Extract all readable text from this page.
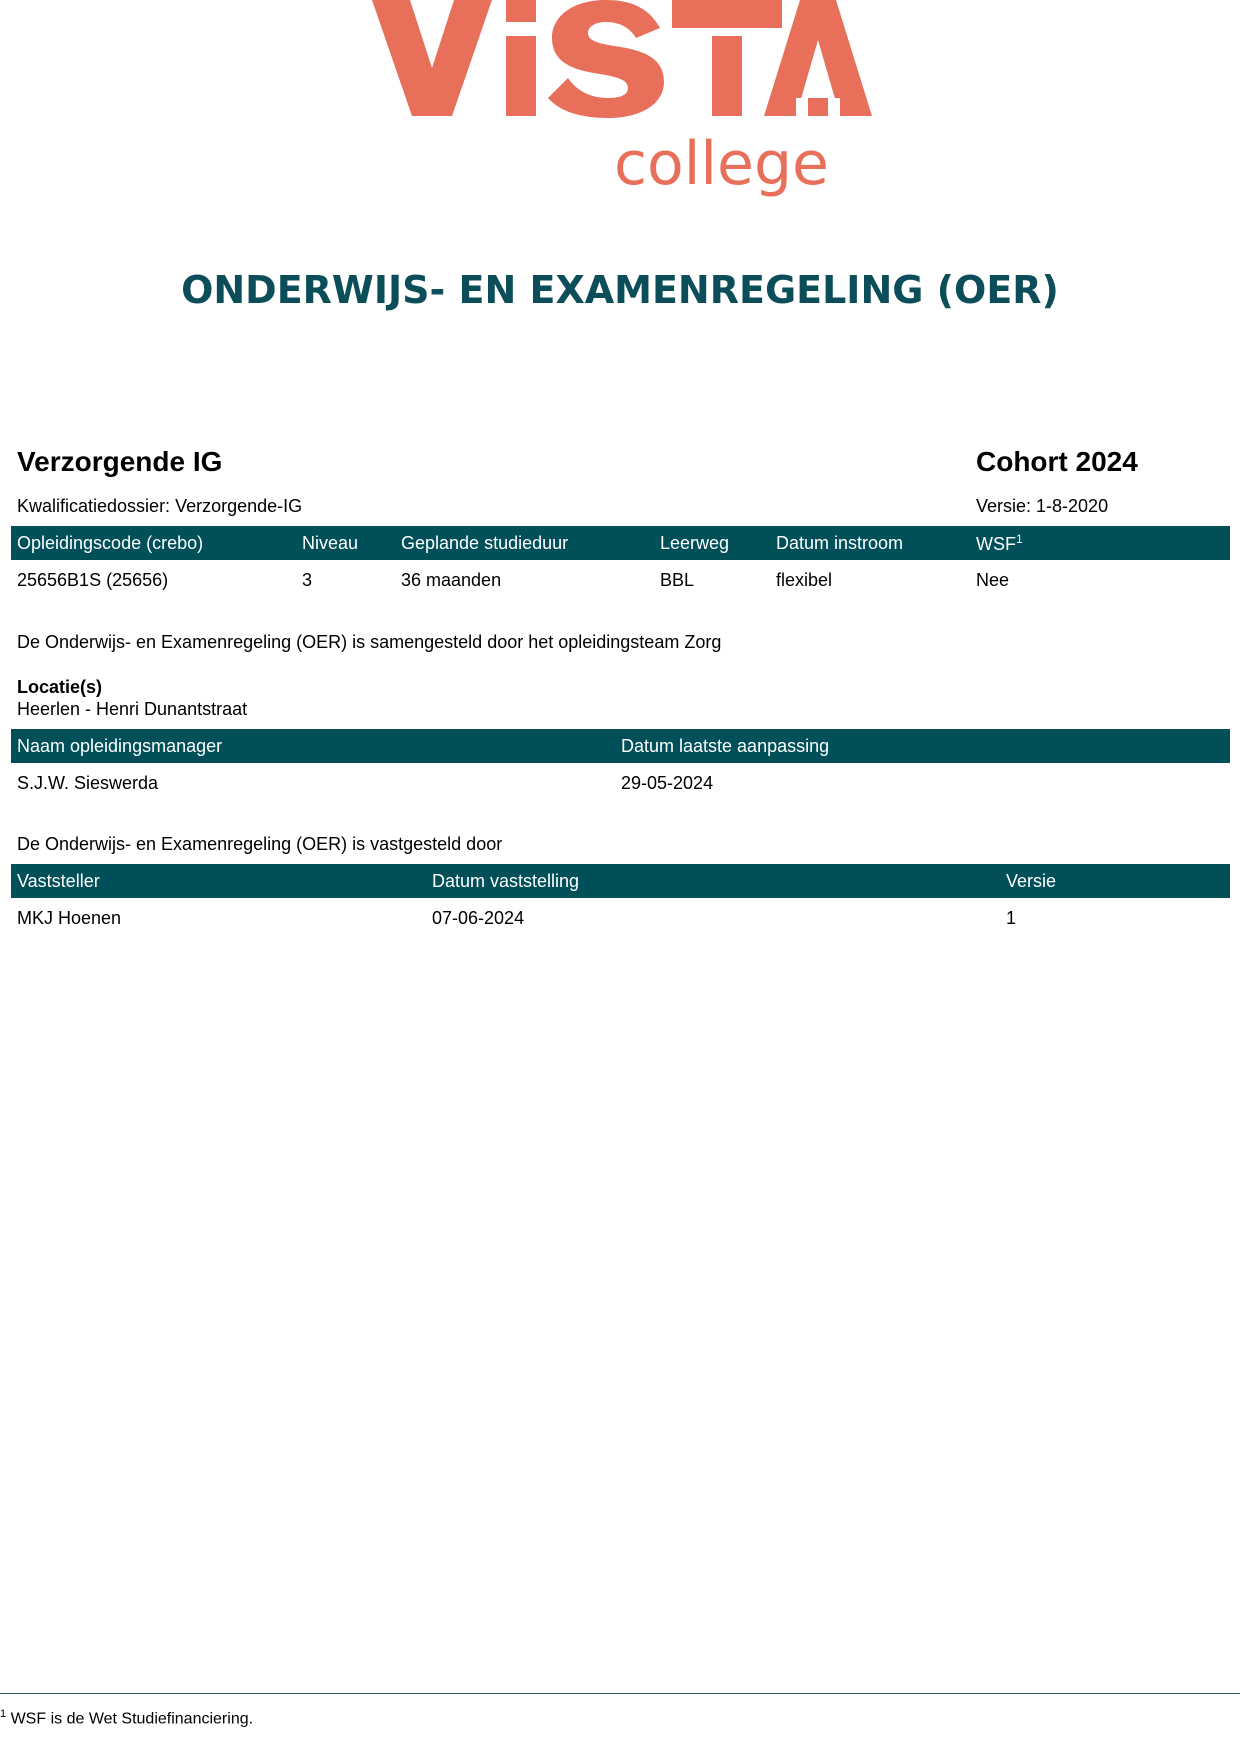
college
ONDERWIJS- EN EXAMENREGELING (OER)
Verzorgende IG	Cohort 2024
Kwalificatiedossier: Verzorgende-IG	Versie: 1-8-2020
Opleidingscode (crebo)	Niveau	Geplande studieduur	Leerweg	Datum instroom	WSF$^1$
25656B1S (25656)	3	36 maanden	BBL	flexibel	Nee
De Onderwijs- en Examenregeling (OER) is samengesteld door het opleidingsteam Zorg
Locatie(s)
Heerlen - Henri Dunantstraat
Naam opleidingsmanager	Datum laatste aanpassing
S.J.W. Sieswerda	29-05-2024
De Onderwijs- en Examenregeling (OER) is vastgesteld door
Vaststeller	Datum vaststelling	Versie
MKJ Hoenen	07-06-2024	1
$^1$ WSF is de Wet Studiefinanciering.
